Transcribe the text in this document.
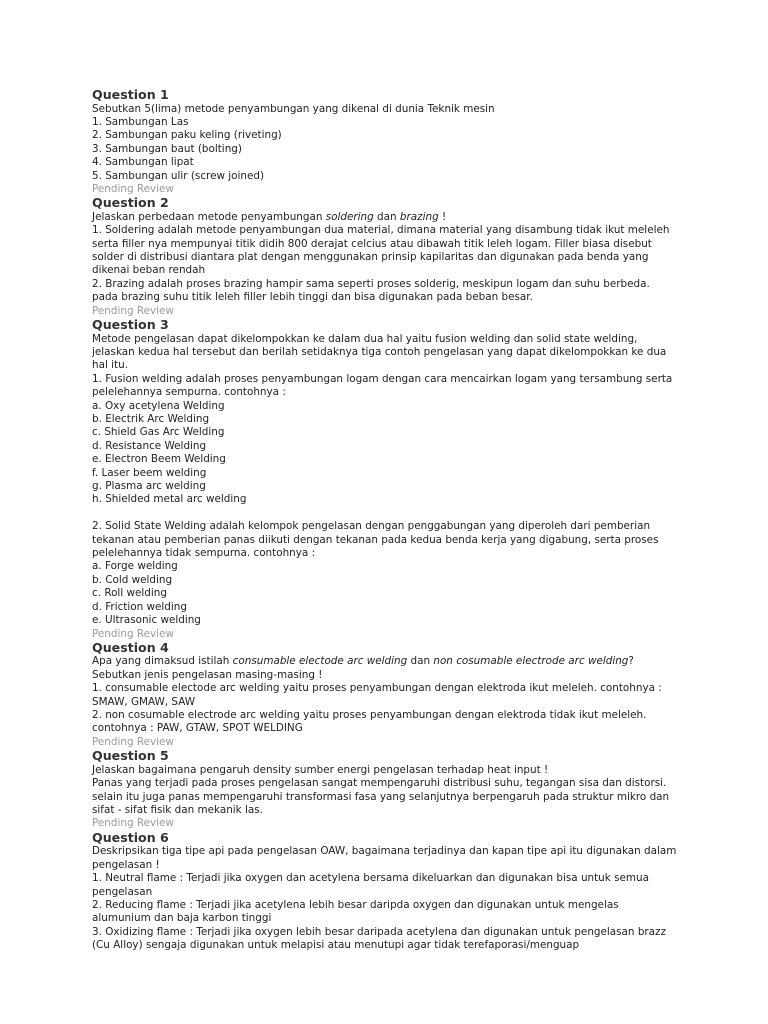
Question 1
Sebutkan 5(lima) metode penyambungan yang dikenal di dunia Teknik mesin
1. Sambungan Las
2. Sambungan paku keling (riveting)
3. Sambungan baut (bolting)
4. Sambungan lipat
5. Sambungan ulir (screw joined)
Pending Review
Question 2
Jelaskan perbedaan metode penyambungan soldering dan brazing !
1. Soldering adalah metode penyambungan dua material, dimana material yang disambung tidak ikut meleleh serta filler nya mempunyai titik didih 800 derajat celcius atau dibawah titik leleh logam. Filler biasa disebut solder di distribusi diantara plat dengan menggunakan prinsip kapilaritas dan digunakan pada benda yang dikenai beban rendah
2. Brazing adalah proses brazing hampir sama seperti proses solderig, meskipun logam dan suhu berbeda. pada brazing suhu titik leleh filler lebih tinggi dan bisa digunakan pada beban besar.
Pending Review
Question 3
Metode pengelasan dapat dikelompokkan ke dalam dua hal yaitu fusion welding dan solid state welding, jelaskan kedua hal tersebut dan berilah setidaknya tiga contoh pengelasan yang dapat dikelompokkan ke dua hal itu.
1. Fusion welding adalah proses penyambungan logam dengan cara mencairkan logam yang tersambung serta pelelehannya sempurna. contohnya :
a. Oxy acetylena Welding
b. Electrik Arc Welding
c. Shield Gas Arc Welding
d. Resistance Welding
e. Electron Beem Welding
f. Laser beem welding
g. Plasma arc welding
h. Shielded metal arc welding
2. Solid State Welding adalah kelompok pengelasan dengan penggabungan yang diperoleh dari pemberian tekanan atau pemberian panas diikuti dengan tekanan pada kedua benda kerja yang digabung, serta proses pelelehannya tidak sempurna. contohnya :
a. Forge welding
b. Cold welding
c. Roll welding
d. Friction welding
e. Ultrasonic welding
Pending Review
Question 4
Apa yang dimaksud istilah consumable electode arc welding dan non cosumable electrode arc welding? Sebutkan jenis pengelasan masing-masing !
1. consumable electode arc welding yaitu proses penyambungan dengan elektroda ikut meleleh. contohnya : SMAW, GMAW, SAW
2. non cosumable electrode arc welding yaitu proses penyambungan dengan elektroda tidak ikut meleleh. contohnya : PAW, GTAW, SPOT WELDING
Pending Review
Question 5
Jelaskan bagaimana pengaruh density sumber energi pengelasan terhadap heat input !
Panas yang terjadi pada proses pengelasan sangat mempengaruhi distribusi suhu, tegangan sisa dan distorsi. selain itu juga panas mempengaruhi transformasi fasa yang selanjutnya berpengaruh pada struktur mikro dan sifat - sifat fisik dan mekanik las.
Pending Review
Question 6
Deskripsikan tiga tipe api pada pengelasan OAW, bagaimana terjadinya dan kapan tipe api itu digunakan dalam pengelasan !
1. Neutral flame : Terjadi jika oxygen dan acetylena bersama dikeluarkan dan digunakan bisa untuk semua pengelasan
2. Reducing flame : Terjadi jika acetylena lebih besar daripda oxygen dan digunakan untuk mengelas alumunium dan baja karbon tinggi
3. Oxidizing flame : Terjadi jika oxygen lebih besar daripada acetylena dan digunakan untuk pengelasan brazz (Cu Alloy) sengaja digunakan untuk melapisi atau menutupi agar tidak terefaporasi/menguap
